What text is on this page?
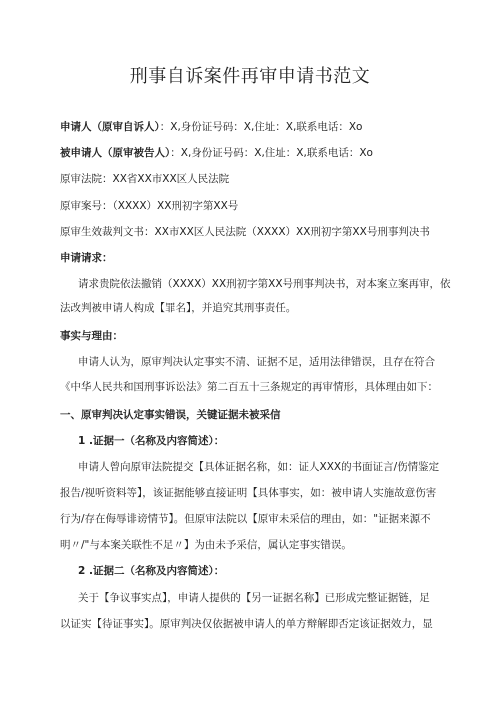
刑事自诉案件再审申请书范文
申请人（原审自诉人）：X,身份证号码：X,住址：X,联系电话：Xo
被申请人（原审被告人）：X,身份证号码：X,住址：X,联系电话：Xo
原审法院：XX省XX市XX区人民法院
原审案号：（XXXX）XX刑初字第XX号
原审生效裁判文书：XX市XX区人民法院（XXXX）XX刑初字第XX号刑事判决书
申请请求：
请求贵院依法撤销（XXXX）XX刑初字第XX号刑事判决书，对本案立案再审，依
法改判被申请人构成【罪名】，并追究其刑事责任。
事实与理由：
申请人认为，原审判决认定事实不清、证据不足，适用法律错误，且存在符合
《中华人民共和国刑事诉讼法》第二百五十三条规定的再审情形，具体理由如下：
一、原审判决认定事实错误，关键证据未被采信
1 .证据一（名称及内容简述）：
申请人曾向原审法院提交【具体证据名称，如：证人XXX的书面证言/伤情鉴定
报告/视听资料等】，该证据能够直接证明【具体事实，如：被申请人实施故意伤害
行为/存在侮辱诽谤情节】。但原审法院以【原审未采信的理由，如："证据来源不
明〃/"与本案关联性不足〃】为由未予采信，属认定事实错误。
2 .证据二（名称及内容简述）：
关于【争议事实点】，申请人提供的【另一证据名称】已形成完整证据链，足
以证实【待证事实】。原审判决仅依据被申请人的单方辩解即否定该证据效力，显
